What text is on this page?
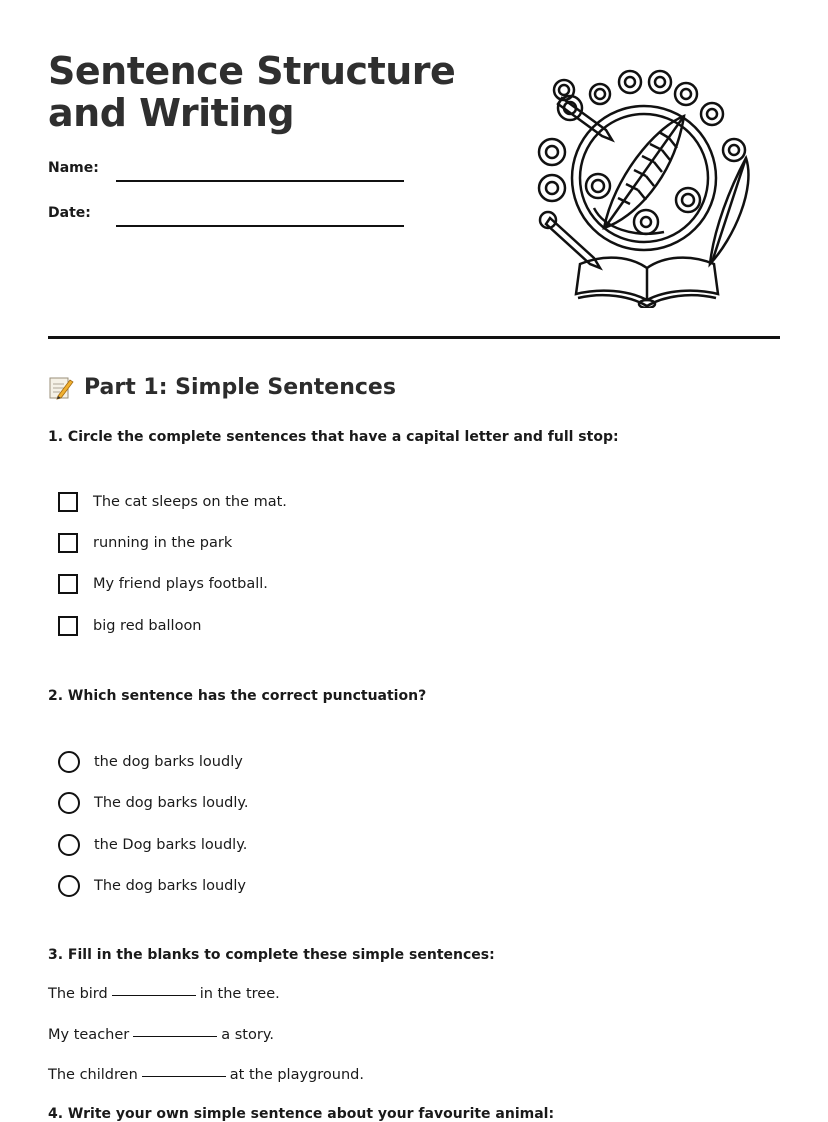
Sentence Structure and Writing
Name:
Date:
Part 1: Simple Sentences
1. Circle the complete sentences that have a capital letter and full stop:
The cat sleeps on the mat.
running in the park
My friend plays football.
big red balloon
2. Which sentence has the correct punctuation?
the dog barks loudly
The dog barks loudly.
the Dog barks loudly.
The dog barks loudly
3. Fill in the blanks to complete these simple sentences:
The bird	in the tree.
My teacher	a story.
The children	at the playground.
4. Write your own simple sentence about your favourite animal:
